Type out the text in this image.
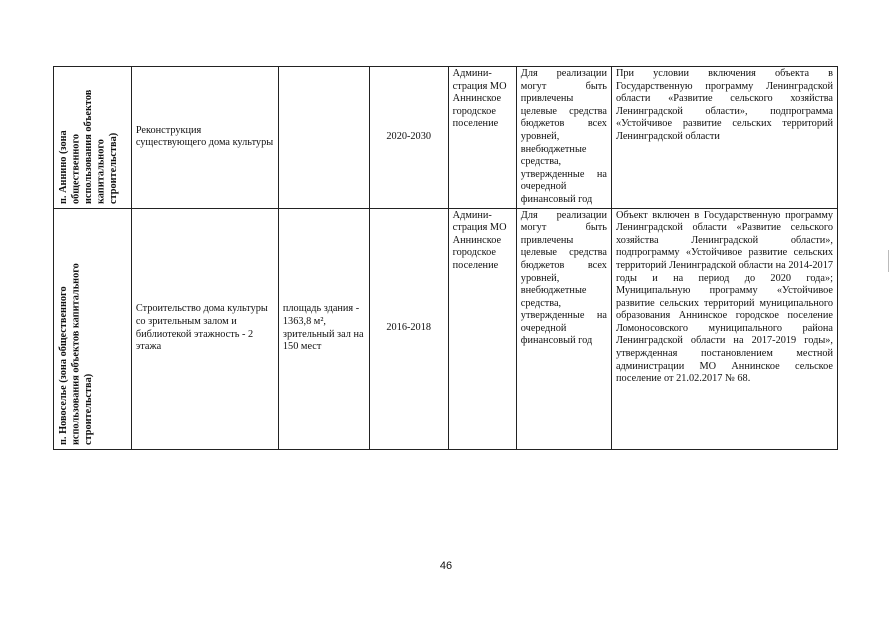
п. Аннино (зона общественного использования объектов капитального строительства)	Реконструкция существующего дома культуры		2020-2030	Админи-страция МО Аннинское городское поселение	Для реализации могут быть привлечены целевые средства бюджетов всех уровней, внебюджетные средства, утвержденные на очередной финансовый год	При условии включения объекта в Государственную программу Ленинградской области «Развитие сельского хозяйства Ленинградской области», подпрограмма «Устойчивое развитие сельских территорий Ленинградской области

п. Новоселье (зона общественного использования объектов капитального строительства)	Строительство дома культуры со зрительным залом и библиотекой этажность - 2 этажа	площадь здания - 1363,8 м², зрительный зал на 150 мест	2016-2018	Админи-страция МО Аннинское городское поселение	Для реализации могут быть привлечены целевые средства бюджетов всех уровней, внебюджетные средства, утвержденные на очередной финансовый год	Объект включен в Государственную программу Ленинградской области «Развитие сельского хозяйства Ленинградской области», подпрограмму «Устойчивое развитие сельских территорий Ленинградской области на 2014-2017 годы и на период до 2020 года»; Муниципальную программу «Устойчивое развитие сельских территорий муниципального образования Аннинское городское поселение Ломоносовского муниципального района Ленинградской области на 2017-2019 годы», утвержденная постановлением местной администрации МО Аннинское сельское поселение от 21.02.2017 № 68.
46
